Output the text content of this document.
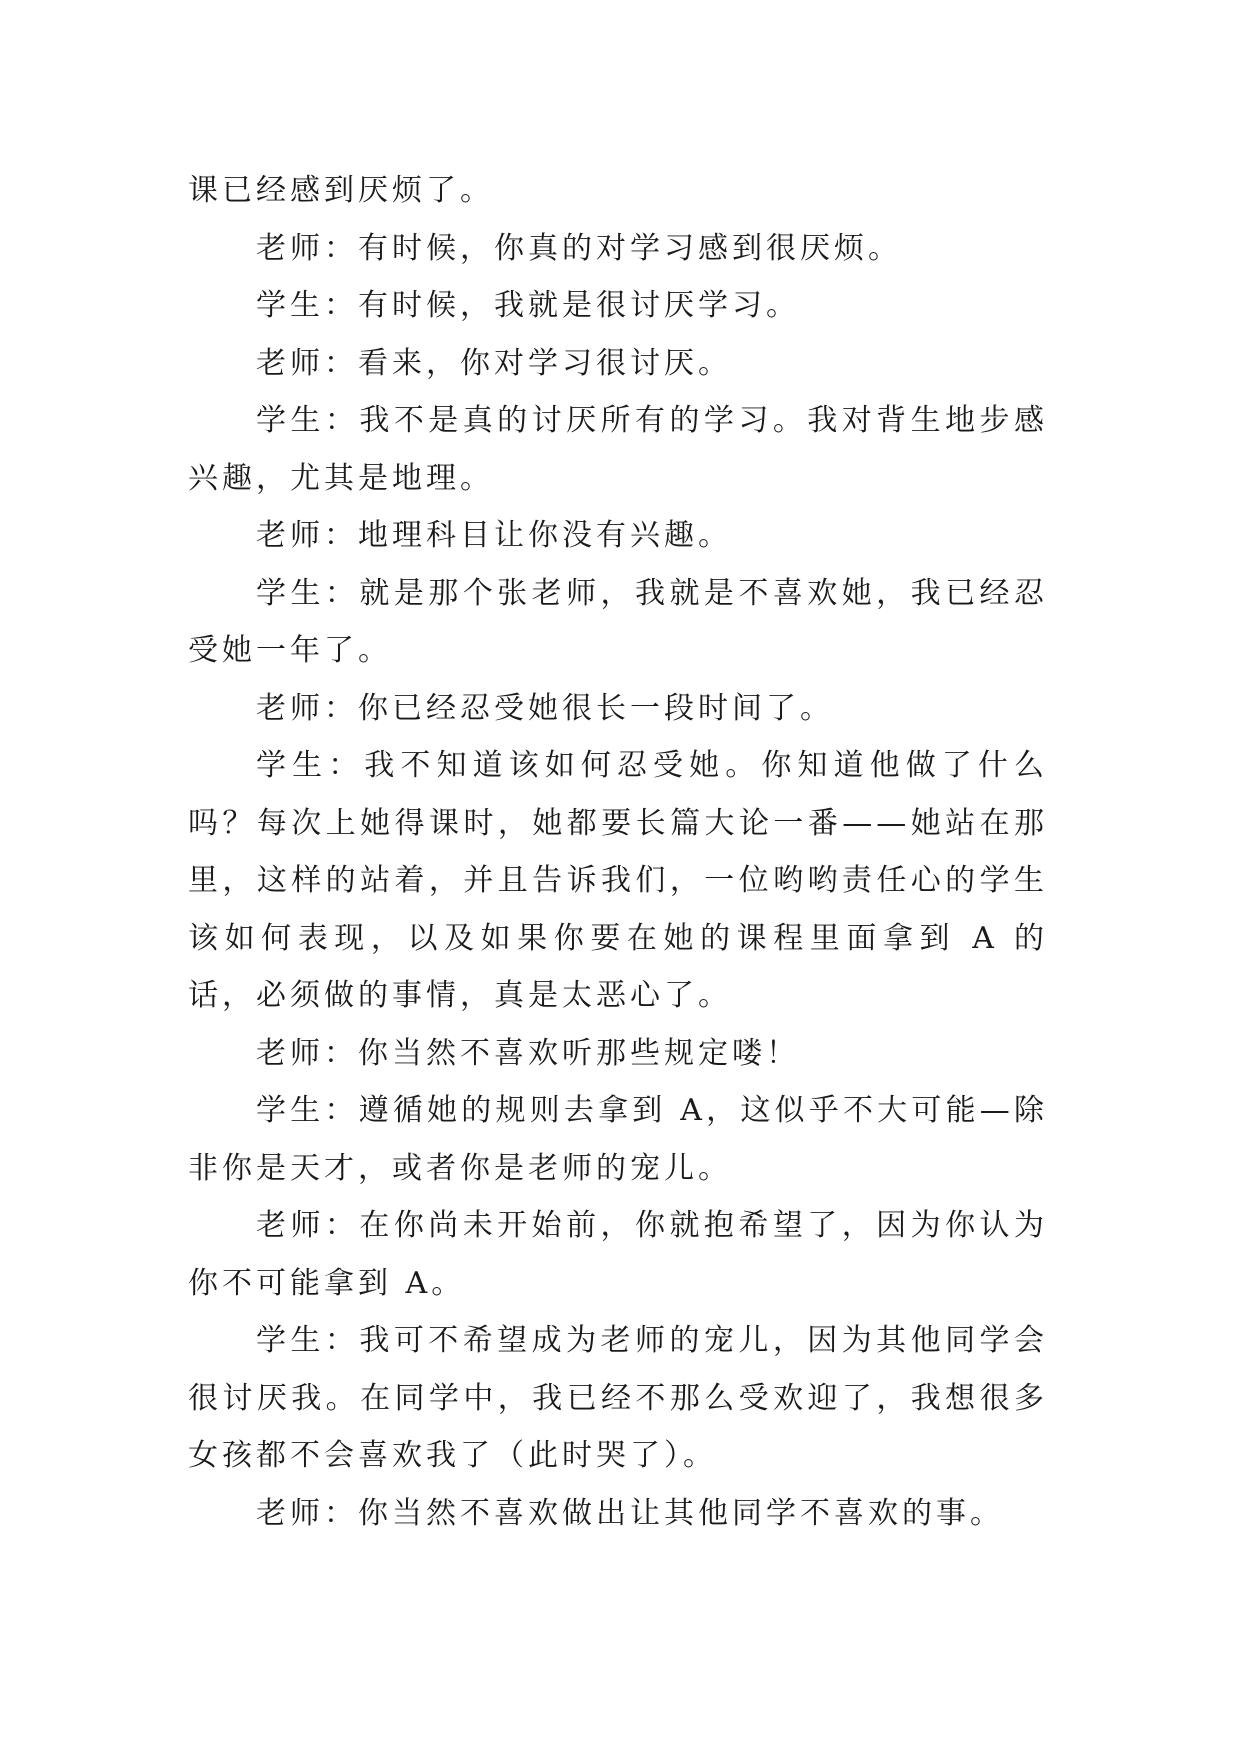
课已经感到厌烦了。

老师：有时候，你真的对学习感到很厌烦。

学生：有时候，我就是很讨厌学习。

老师：看来，你对学习很讨厌。

学生：我不是真的讨厌所有的学习。我对背生地步感兴趣，尤其是地理。

老师：地理科目让你没有兴趣。

学生：就是那个张老师，我就是不喜欢她，我已经忍受她一年了。

老师：你已经忍受她很长一段时间了。

学生：我不知道该如何忍受她。你知道他做了什么吗？每次上她得课时，她都要长篇大论一番——她站在那里，这样的站着，并且告诉我们，一位哟哟责任心的学生该如何表现，以及如果你要在她的课程里面拿到 A 的话，必须做的事情，真是太恶心了。

老师：你当然不喜欢听那些规定喽！

学生：遵循她的规则去拿到 A，这似乎不大可能—除非你是天才，或者你是老师的宠儿。

老师：在你尚未开始前，你就抱希望了，因为你认为你不可能拿到 A。

学生：我可不希望成为老师的宠儿，因为其他同学会很讨厌我。在同学中，我已经不那么受欢迎了，我想很多女孩都不会喜欢我了（此时哭了）。

老师：你当然不喜欢做出让其他同学不喜欢的事。
